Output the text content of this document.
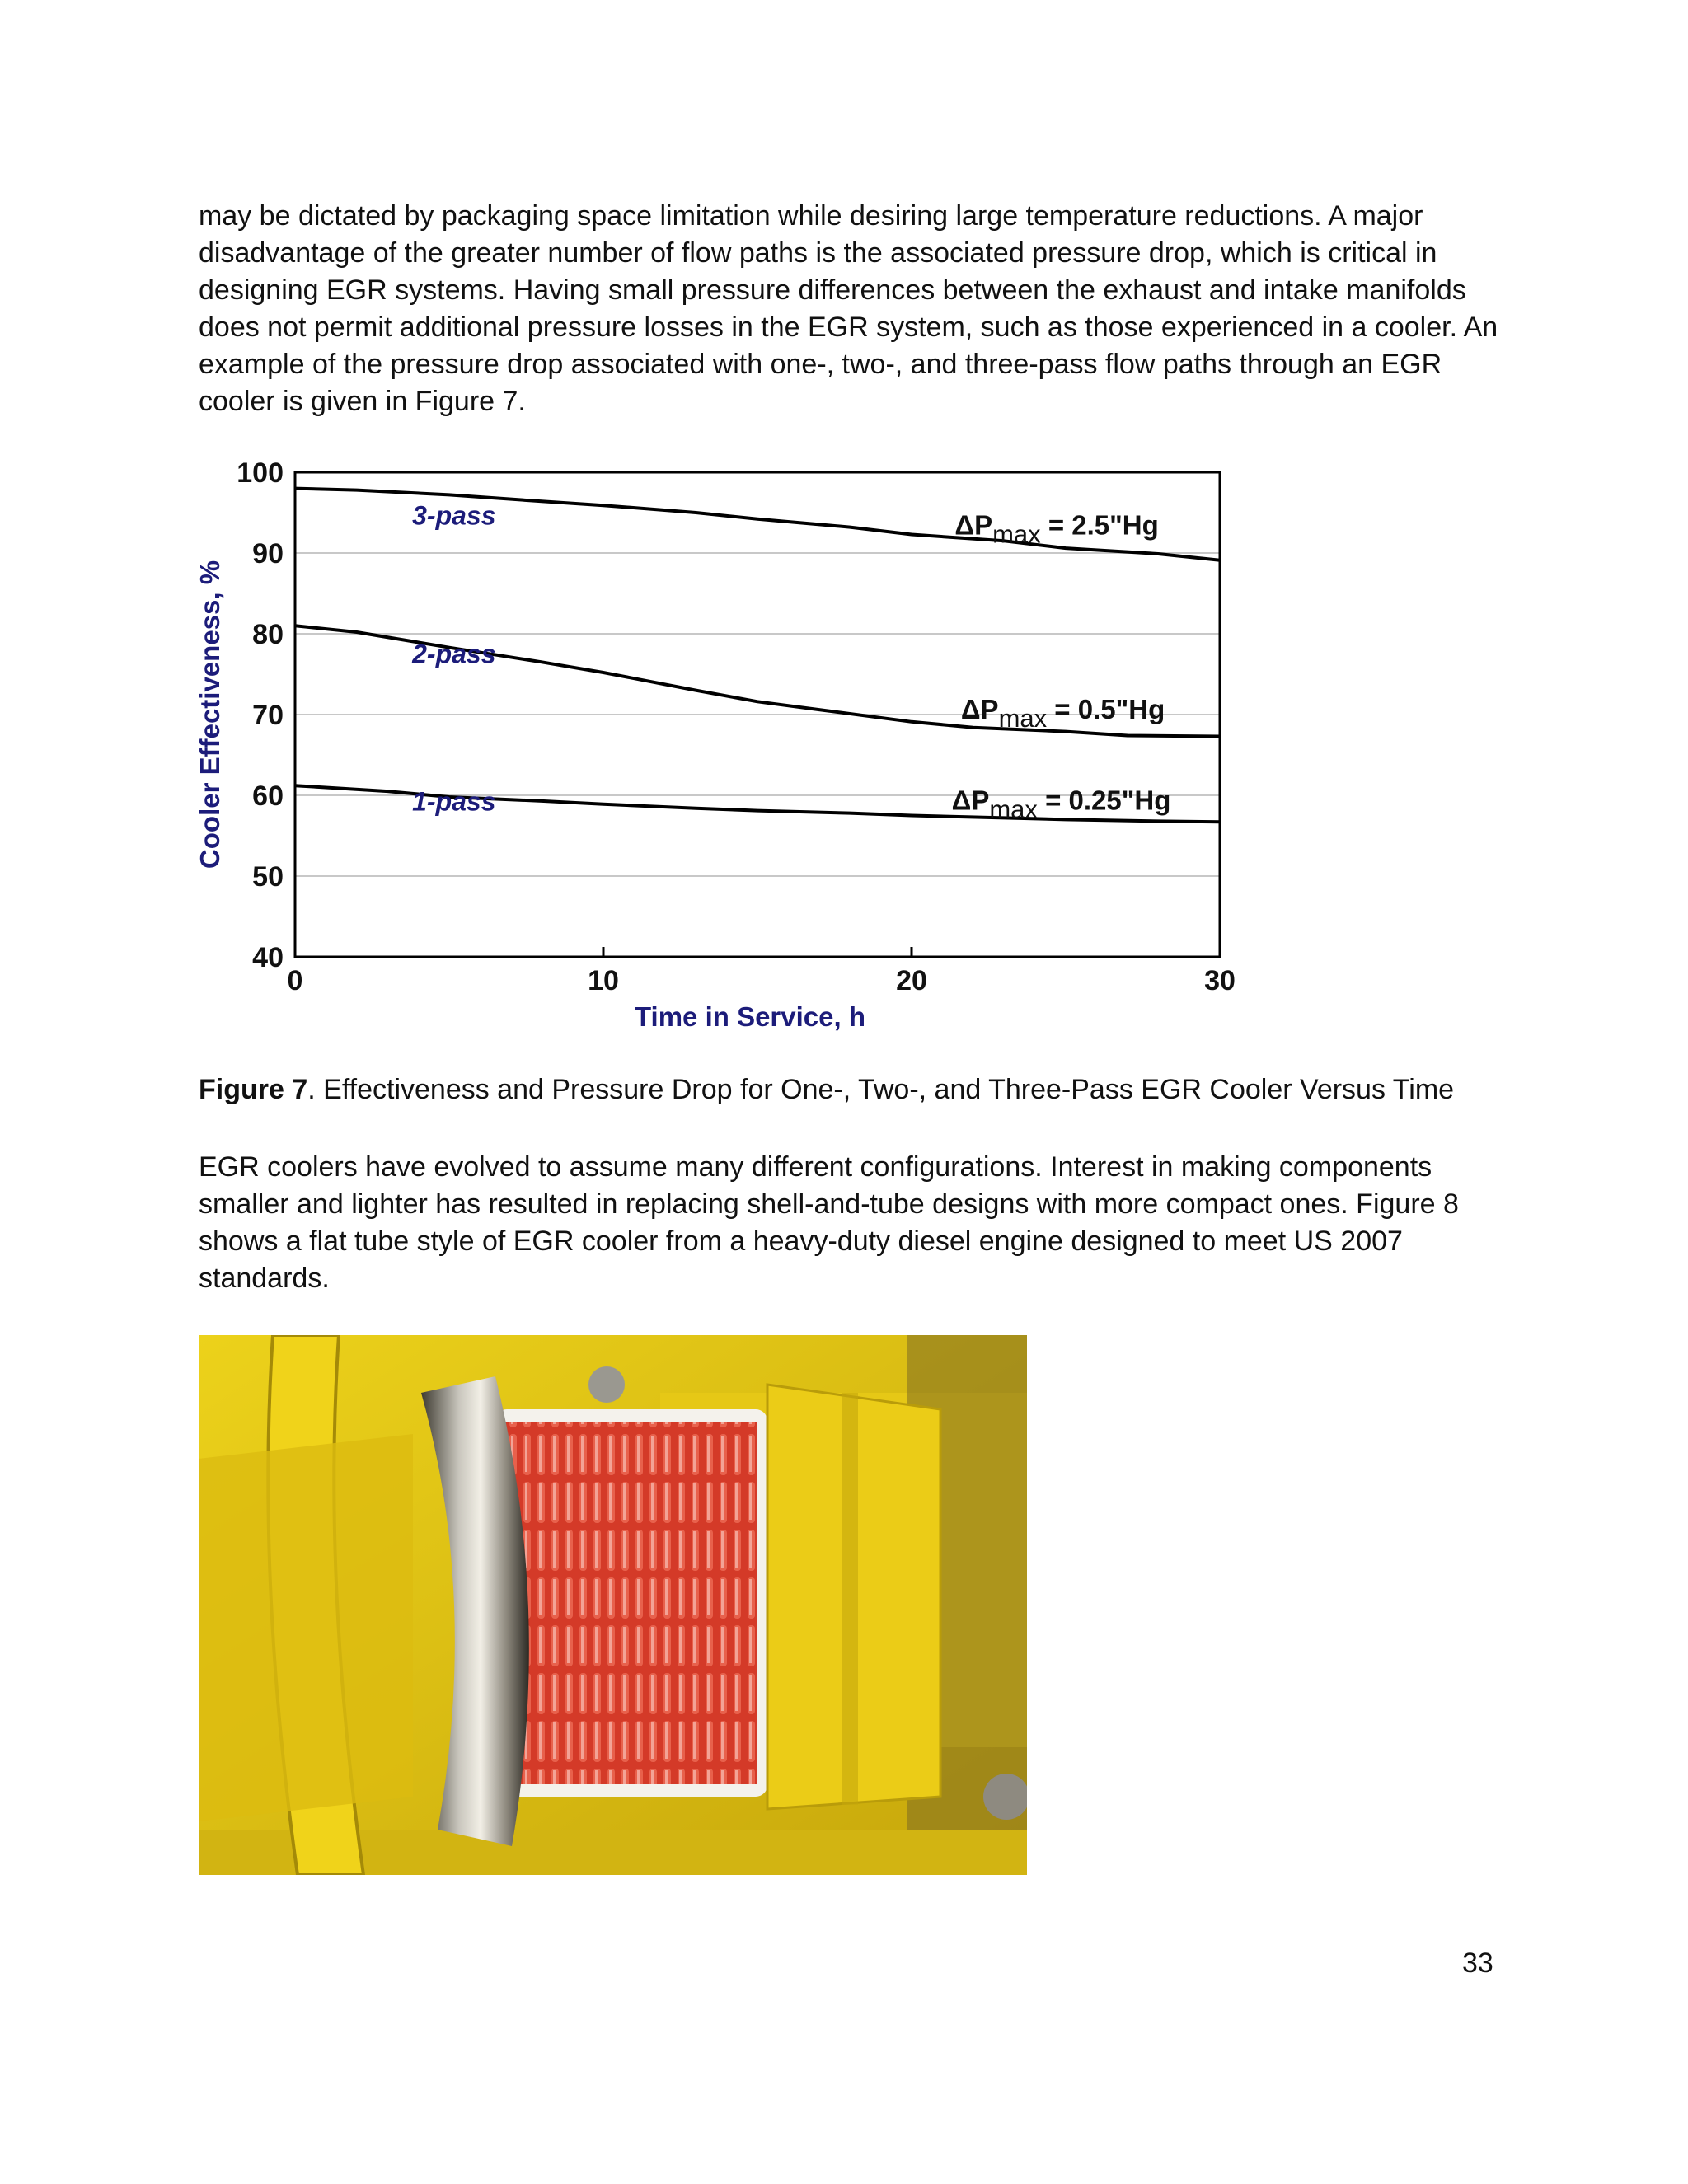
may be dictated by packaging space limitation while desiring large temperature reductions. A major disadvantage of the greater number of flow paths is the associated pressure drop, which is critical in designing EGR systems. Having small pressure differences between the exhaust and intake manifolds does not permit additional pressure losses in the EGR system, such as those experienced in a cooler. An example of the pressure drop associated with one-, two-, and three-pass flow paths through an EGR cooler is given in Figure 7.

40
50
60
70
80
90
100
0	10	20	30
3-pass	ΔPmax = 2.5"Hg
2-pass
ΔPmax = 0.5"Hg
1-pass	ΔPmax = 0.25"Hg
Cooler Effectiveness, %
Time in Service, h

Figure 7. Effectiveness and Pressure Drop for One-, Two-, and Three-Pass EGR Cooler Versus Time

EGR coolers have evolved to assume many different configurations. Interest in making components smaller and lighter has resulted in replacing shell-and-tube designs with more compact ones. Figure 8 shows a flat tube style of EGR cooler from a heavy-duty diesel engine designed to meet US 2007 standards.

33
